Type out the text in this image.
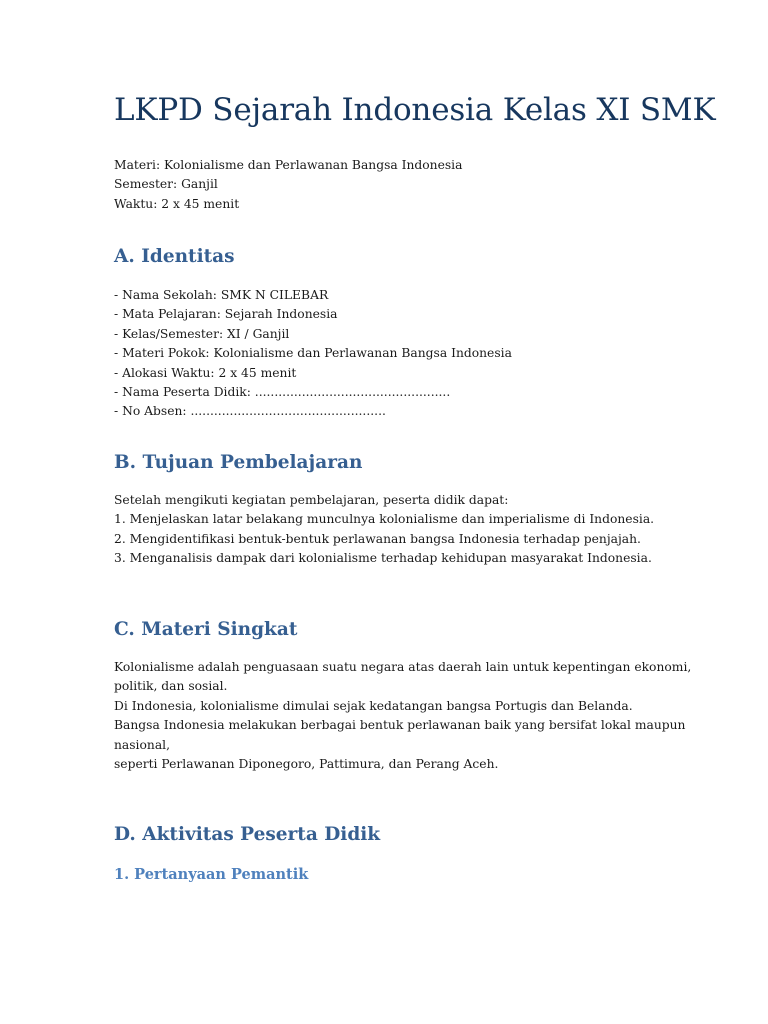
LKPD Sejarah Indonesia Kelas XI SMK
Materi: Kolonialisme dan Perlawanan Bangsa Indonesia
Semester: Ganjil
Waktu: 2 x 45 menit
A. Identitas
- Nama Sekolah: SMK N CILEBAR
- Mata Pelajaran: Sejarah Indonesia
- Kelas/Semester: XI / Ganjil
- Materi Pokok: Kolonialisme dan Perlawanan Bangsa Indonesia
- Alokasi Waktu: 2 x 45 menit
- Nama Peserta Didik: ..................................................
- No Absen: ..................................................
B. Tujuan Pembelajaran
Setelah mengikuti kegiatan pembelajaran, peserta didik dapat:
1. Menjelaskan latar belakang munculnya kolonialisme dan imperialisme di Indonesia.
2. Mengidentifikasi bentuk-bentuk perlawanan bangsa Indonesia terhadap penjajah.
3. Menganalisis dampak dari kolonialisme terhadap kehidupan masyarakat Indonesia.
C. Materi Singkat
Kolonialisme adalah penguasaan suatu negara atas daerah lain untuk kepentingan ekonomi,
politik, dan sosial.
Di Indonesia, kolonialisme dimulai sejak kedatangan bangsa Portugis dan Belanda.
Bangsa Indonesia melakukan berbagai bentuk perlawanan baik yang bersifat lokal maupun
nasional,
seperti Perlawanan Diponegoro, Pattimura, dan Perang Aceh.
D. Aktivitas Peserta Didik
1. Pertanyaan Pemantik
